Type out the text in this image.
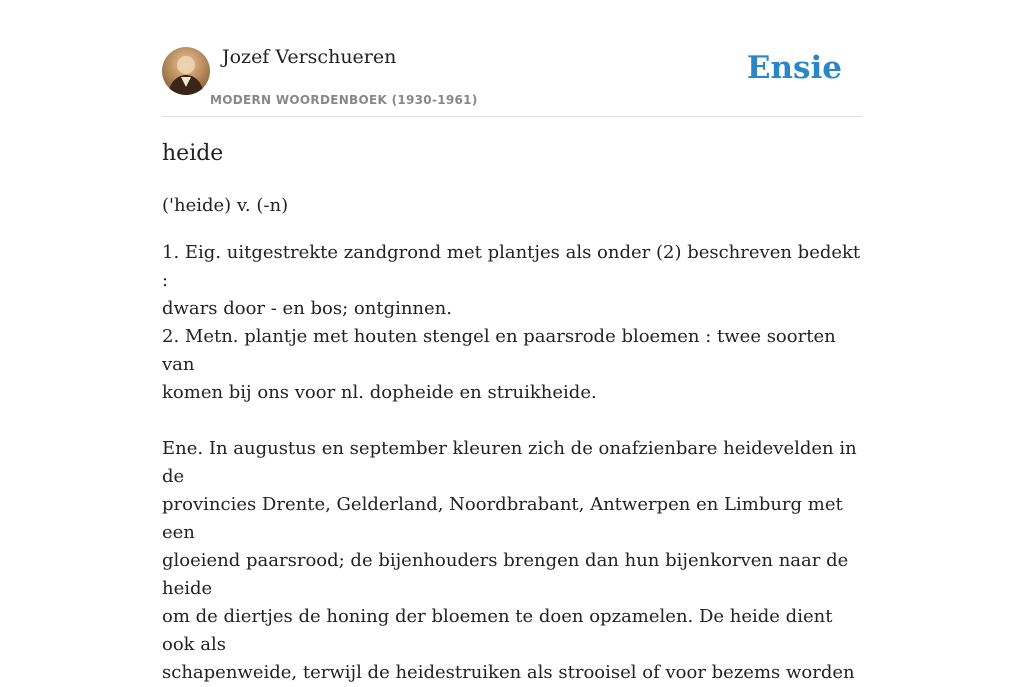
Jozef Verschueren
MODERN WOORDENBOEK (1930-1961)
Ensie
heide
('heide) v. (-n)

1. Eig. uitgestrekte zandgrond met plantjes als onder (2) beschreven bedekt :

dwars door - en bos; ontginnen.

2. Metn. plantje met houten stengel en paarsrode bloemen : twee soorten van

komen bij ons voor nl. dopheide en struikheide.

Ene. In augustus en september kleuren zich de onafzienbare heidevelden in de

provincies Drente, Gelderland, Noordbrabant, Antwerpen en Limburg met een

gloeiend paarsrood; de bijenhouders brengen dan hun bijenkorven naar de heide

om de diertjes de honing der bloemen te doen opzamelen. De heide dient ook als

schapenweide, terwijl de heidestruiken als strooisel of voor bezems worden
